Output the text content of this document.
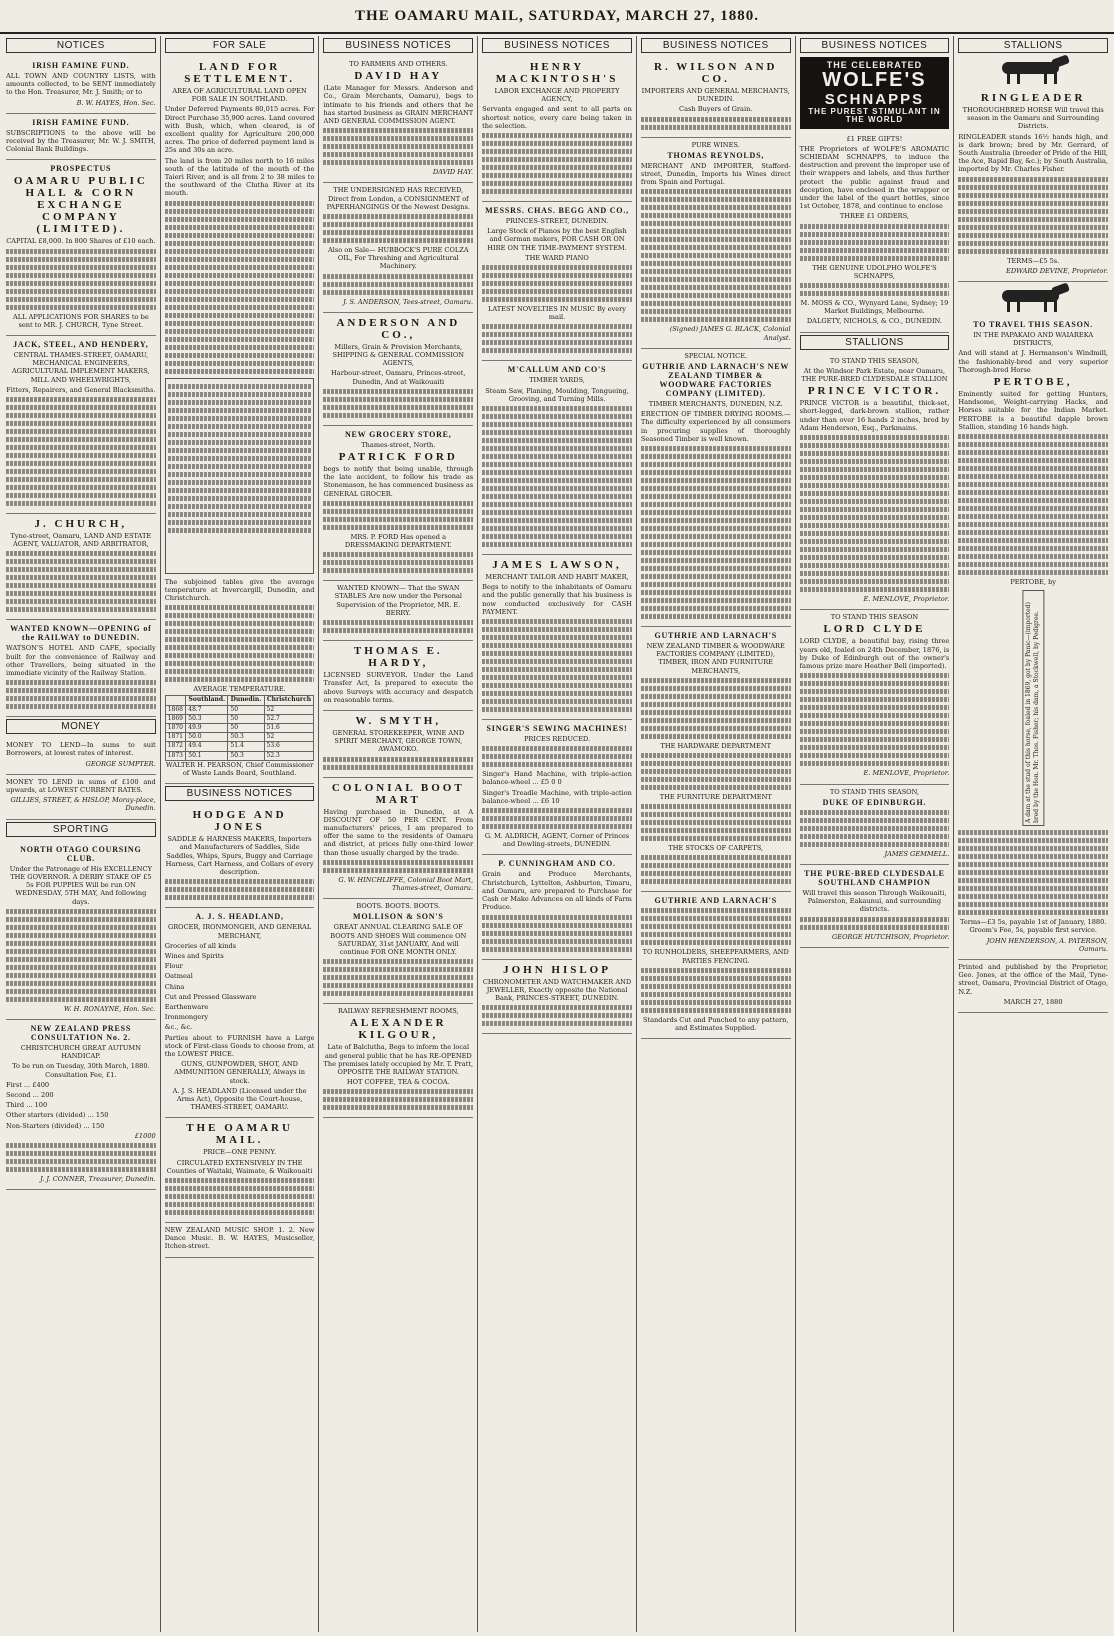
THE OAMARU MAIL, SATURDAY, MARCH 27, 1880.
NOTICES
IRISH FAMINE FUND.

ALL TOWN AND COUNTRY LISTS, with amounts collected, to be SENT immediately to the Hon. Treasurer, Mr. J. Smith; or to

B. W. HAYES, Hon. Sec.

IRISH FAMINE FUND.

SUBSCRIPTIONS to the above will be received by the Treasurer, Mr. W. J. SMITH, Colonial Bank Buildings.

PROSPECTUS
OAMARU PUBLIC HALL & CORN EXCHANGE COMPANY (LIMITED).

CAPITAL £8,000. In 800 Shares of £10 each.

ALL APPLICATIONS FOR SHARES to be sent to MR. J. CHURCH, Tyne Street.

JACK, STEEL, AND HENDERY,

CENTRAL THAMES-STREET, OAMARU, MECHANICAL ENGINEERS, AGRICULTURAL IMPLEMENT MAKERS, MILL AND WHEELWRIGHTS,

Fitters, Repairers, and General Blacksmiths.

J. CHURCH,

Tyne-street, Oamaru, LAND AND ESTATE AGENT, VALUATOR, AND ARBITRATOR,

WANTED KNOWN—OPENING of the RAILWAY to DUNEDIN.

WATSON'S HOTEL AND CAFE, specially built for the convenience of Railway and other Travellers, being situated in the immediate vicinity of the Railway Station.

MONEY

MONEY TO LEND—In sums to suit Borrowers, at lowest rates of interest.

GEORGE SUMPTER.

MONEY TO LEND in sums of £100 and upwards, at LOWEST CURRENT RATES.

GILLIES, STREET, & HISLOP, Moray-place, Dunedin.

SPORTING
NORTH OTAGO COURSING CLUB.

Under the Patronage of His EXCELLENCY THE GOVERNOR. A DERBY STAKE OF £5 5s FOR PUPPIES Will be run ON WEDNESDAY, 5TH MAY, And following days.

W. H. RONAYNE, Hon. Sec.

NEW ZEALAND PRESS CONSULTATION No. 2.

CHRISTCHURCH GREAT AUTUMN HANDICAP.

To be run on Tuesday, 30th March, 1880. Consultation Fee, £1.

First ... £400

Second ... 200

Third ... 100

Other starters (divided) ... 150

Non-Starters (divided) ... 150

£1000

J. J. CONNER, Treasurer, Dunedin.

FOR SALE
LAND FOR SETTLEMENT.

AREA OF AGRICULTURAL LAND OPEN FOR SALE IN SOUTHLAND.

Under Deferred Payments 80,015 acres. For Direct Purchase 35,900 acres. Land covered with Bush, which, when cleared, is of excellent quality for Agriculture 200,000 acres. The price of deferred payment land is 25s and 30s an acre.

The land is from 20 miles north to 16 miles south of the latitude of the mouth of the Taieri River, and is all from 2 to 38 miles to the southward of the Clutha River at its mouth.

The subjoined tables give the average temperature at Invercargill, Dunedin, and Christchurch.

AVERAGE TEMPERATURE.

	Southland.	Dunedin.	Christchurch
1868	48.7	50	52
1869	50.3	50	52.7
1870	49.9	50	51.6
1871	50.0	50.3	52
1872	49.4	51.4	53.6
1873	50.1	50.3	52.3

WALTER H. PEARSON, Chief Commissioner of Waste Lands Board, Southland.

BUSINESS NOTICES
HODGE AND JONES

SADDLE & HARNESS MAKERS, Importers and Manufacturers of Saddles, Side Saddles, Whips, Spurs, Buggy and Carriage Harness, Cart Harness, and Collars of every description.

A. J. S. HEADLAND,

GROCER, IRONMONGER, AND GENERAL MERCHANT,

Groceries of all kinds

Wines and Spirits

Flour

Oatmeal

China

Cut and Pressed Glassware

Earthenware

Ironmongery

&c., &c.

Parties about to FURNISH have a Large stock of First-class Goods to choose from, at the LOWEST PRICE.

GUNS, GUNPOWDER, SHOT, AND AMMUNITION GENERALLY, Always in stock.

A. J. S. HEADLAND (Licensed under the Arms Act), Opposite the Court-house, THAMES-STREET, OAMARU.

THE OAMARU MAIL.

PRICE—ONE PENNY.

CIRCULATED EXTENSIVELY IN THE Counties of Waitaki, Waimate, & Waikouaiti

NEW ZEALAND MUSIC SHOP. 1. 2. New Dance Music. B. W. HAYES, Musicseller, Itchen-street.

BUSINESS NOTICES

TO FARMERS AND OTHERS.

DAVID HAY

(Late Manager for Messrs. Anderson and Co., Grain Merchants, Oamaru), begs to intimate to his friends and others that he has started business as GRAIN MERCHANT AND GENERAL COMMISSION AGENT.

DAVID HAY.

THE UNDERSIGNED HAS RECEIVED, Direct from London, a CONSIGNMENT of PAPERHANGINGS Of the Newest Designs.

Also on Sale— HUBBOCK'S PURE COLZA OIL, For Threshing and Agricultural Machinery.

J. S. ANDERSON, Tees-street, Oamaru.

ANDERSON AND CO.,

Millers, Grain & Provision Merchants, SHIPPING & GENERAL COMMISSION AGENTS,

Harbour-street, Oamaru, Princes-street, Dunedin, And at Waikouaiti

NEW GROCERY STORE,

Thames-street, North.

PATRICK FORD

begs to notify that being unable, through the late accident, to follow his trade as Stonemason, he has commenced business as GENERAL GROCER.

MRS. P. FORD Has opened a DRESSMAKING DEPARTMENT.

WANTED KNOWN— That the SWAN STABLES Are now under the Personal Supervision of the Proprietor, MR. E. BERRY.

THOMAS E. HARDY,

LICENSED SURVEYOR. Under the Land Transfer Act, Is prepared to execute the above Surveys with accuracy and despatch on reasonable terms.

W. SMYTH,

GENERAL STOREKEEPER, WINE AND SPIRIT MERCHANT, GEORGE TOWN, AWAMOKO.

COLONIAL BOOT MART

Having purchased in Dunedin, at A DISCOUNT OF 50 PER CENT. From manufacturers' prices, I am prepared to offer the same to the residents of Oamaru and district, at prices fully one-third lower than those usually charged by the trade.

G. W. HINCHLIFFE, Colonial Boot Mart, Thames-street, Oamaru.

BOOTS. BOOTS. BOOTS.

MOLLISON & SON'S

GREAT ANNUAL CLEARING SALE OF BOOTS AND SHOES Will commence ON SATURDAY, 31st JANUARY, And will continue FOR ONE MONTH ONLY.

RAILWAY REFRESHMENT ROOMS,

ALEXANDER KILGOUR,

Late of Balclutha, Begs to inform the local and general public that he has RE-OPENED The premises lately occupied by Mr. T. Pratt, OPPOSITE THE RAILWAY STATION.

HOT COFFEE, TEA & COCOA.

BUSINESS NOTICES
HENRY MACKINTOSH'S

LABOR EXCHANGE AND PROPERTY AGENCY,

Servants engaged and sent to all parts on shortest notice, every care being taken in the selection.

MESSRS. CHAS. BEGG AND CO.,

PRINCES-STREET, DUNEDIN.

Large Stock of Pianos by the best English and German makers, FOR CASH OR ON HIRE ON THE TIME-PAYMENT SYSTEM.

THE WARD PIANO

LATEST NOVELTIES IN MUSIC By every mail.

M'CALLUM AND CO'S

TIMBER YARDS,

Steam Saw, Planing, Moulding, Tongueing, Grooving, and Turning Mills.

JAMES LAWSON,

MERCHANT TAILOR AND HABIT MAKER,

Begs to notify to the inhabitants of Oamaru and the public generally that his business is now conducted exclusively for CASH PAYMENT.

SINGER'S SEWING MACHINES!

PRICES REDUCED.

Singer's Hand Machine, with triple-action balance-wheel ... £5 0 0

Singer's Treadle Machine, with triple-action balance-wheel ... £6 10

G. M. ALDRICH, AGENT, Corner of Princes and Dowling-streets, DUNEDIN.

P. CUNNINGHAM AND CO.

Grain and Produce Merchants, Christchurch, Lyttelton, Ashburton, Timaru, and Oamaru, are prepared to Purchase for Cash or Make Advances on all kinds of Farm Produce.

JOHN HISLOP

CHRONOMETER AND WATCHMAKER AND JEWELLER, Exactly opposite the National Bank, PRINCES-STREET, DUNEDIN.

BUSINESS NOTICES
R. WILSON AND CO.

IMPORTERS AND GENERAL MERCHANTS, DUNEDIN.

Cash Buyers of Grain.

PURE WINES.

THOMAS REYNOLDS,

MERCHANT AND IMPORTER, Stafford-street, Dunedin, Imports his Wines direct from Spain and Portugal.

(Signed) JAMES G. BLACK, Colonial Analyst.

SPECIAL NOTICE.

GUTHRIE AND LARNACH'S NEW ZEALAND TIMBER & WOODWARE FACTORIES COMPANY (LIMITED).

TIMBER MERCHANTS, DUNEDIN, N.Z.

ERECTION OF TIMBER DRYING ROOMS.—The difficulty experienced by all consumers in procuring supplies of thoroughly Seasoned Timber is well known.

GUTHRIE AND LARNACH'S

NEW ZEALAND TIMBER & WOODWARE FACTORIES COMPANY (LIMITED), TIMBER, IRON AND FURNITURE MERCHANTS,

THE HARDWARE DEPARTMENT

THE FURNITURE DEPARTMENT

THE STOCKS OF CARPETS,

GUTHRIE AND LARNACH'S

TO RUNHOLDERS, SHEEPFARMERS, AND PARTIES FENCING.

Standards Cut and Punched to any pattern, and Estimates Supplied.

BUSINESS NOTICES
THE CELEBRATED
WOLFE'S
SCHNAPPS
THE PUREST STIMULANT IN THE WORLD

£1 FREE GIFTS!

THE Proprietors of WOLFE'S AROMATIC SCHIEDAM SCHNAPPS, to induce the destruction and prevent the improper use of their wrappers and labels, and thus further protect the public against fraud and deception, have enclosed in the wrapper or under the label of the quart bottles, since 1st October, 1878, and continue to enclose

THREE £1 ORDERS,

THE GENUINE UDOLPHO WOLFE'S SCHNAPPS,

M. MOSS & CO., Wynyard Lane, Sydney; 19 Market Buildings, Melbourne.

DALGETY, NICHOLS, & CO., DUNEDIN.

STALLIONS

TO STAND THIS SEASON,

At the Windsor Park Estate, near Oamaru, THE PURE-BRED CLYDESDALE STALLION

PRINCE VICTOR.

PRINCE VICTOR is a beautiful, thick-set, short-legged, dark-brown stallion, rather under than over 16 hands 2 inches, bred by Adam Henderson, Esq., Parkmains.

E. MENLOVE, Proprietor.

TO STAND THIS SEASON

LORD CLYDE

LORD CLYDE, a beautiful bay, rising three years old, foaled on 24th December, 1876, is by Duke of Edinburgh out of the owner's famous prize mare Heather Bell (imported).

E. MENLOVE, Proprietor.

TO STAND THIS SEASON,

DUKE OF EDINBURGH.

JAMES GEMMELL.

THE PURE-BRED CLYDESDALE SOUTHLAND CHAMPION

Will travel this season Through Waikouaiti, Palmerston, Eakaunui, and surrounding districts.

GEORGE HUTCHISON, Proprietor.

STALLIONS
RINGLEADER

THOROUGHBRED HORSE Will travel this season in the Oamaru and Surrounding Districts.

RINGLEADER stands 16½ hands high, and is dark brown; bred by Mr. Gerrard, of South Australia (breeder of Pride of the Hill, the Ace, Rapid Bay, &c.); by South Australia, imported by Mr. Charles Fisher.

TERMS—£5 5s.

EDWARD DEVINE, Proprietor.

TO TRAVEL THIS SEASON.

IN THE PAPAKAIO AND WAIAREKA DISTRICTS,

And will stand at J. Hermanson's Windmill, the fashionably-bred and very superior Thorough-bred Horse

PERTOBE,

Eminently suited for getting Hunters, Handsome, Weight-carrying Hacks, and Horses suitable for the Indian Market. PERTOBE is a beautiful dapple brown Stallion, standing 16 hands high.

PERTOBE, by

A dam at the stud of this horse, foaled in 1869, got by Panic—(imported) bred by the Hon. Mr. Thos. Fisher; his dam, a Stockwell, by Pedigree.

Terms—£3 5s, payable 1st of January, 1880. Groom's Fee, 5s, payable first service.

JOHN HENDERSON, A. PATERSON, Oamaru.

Printed and published by the Proprietor, Geo. Jones, at the office of the Mail, Tyne-street, Oamaru, Provincial District of Otago, N.Z.

MARCH 27, 1880
